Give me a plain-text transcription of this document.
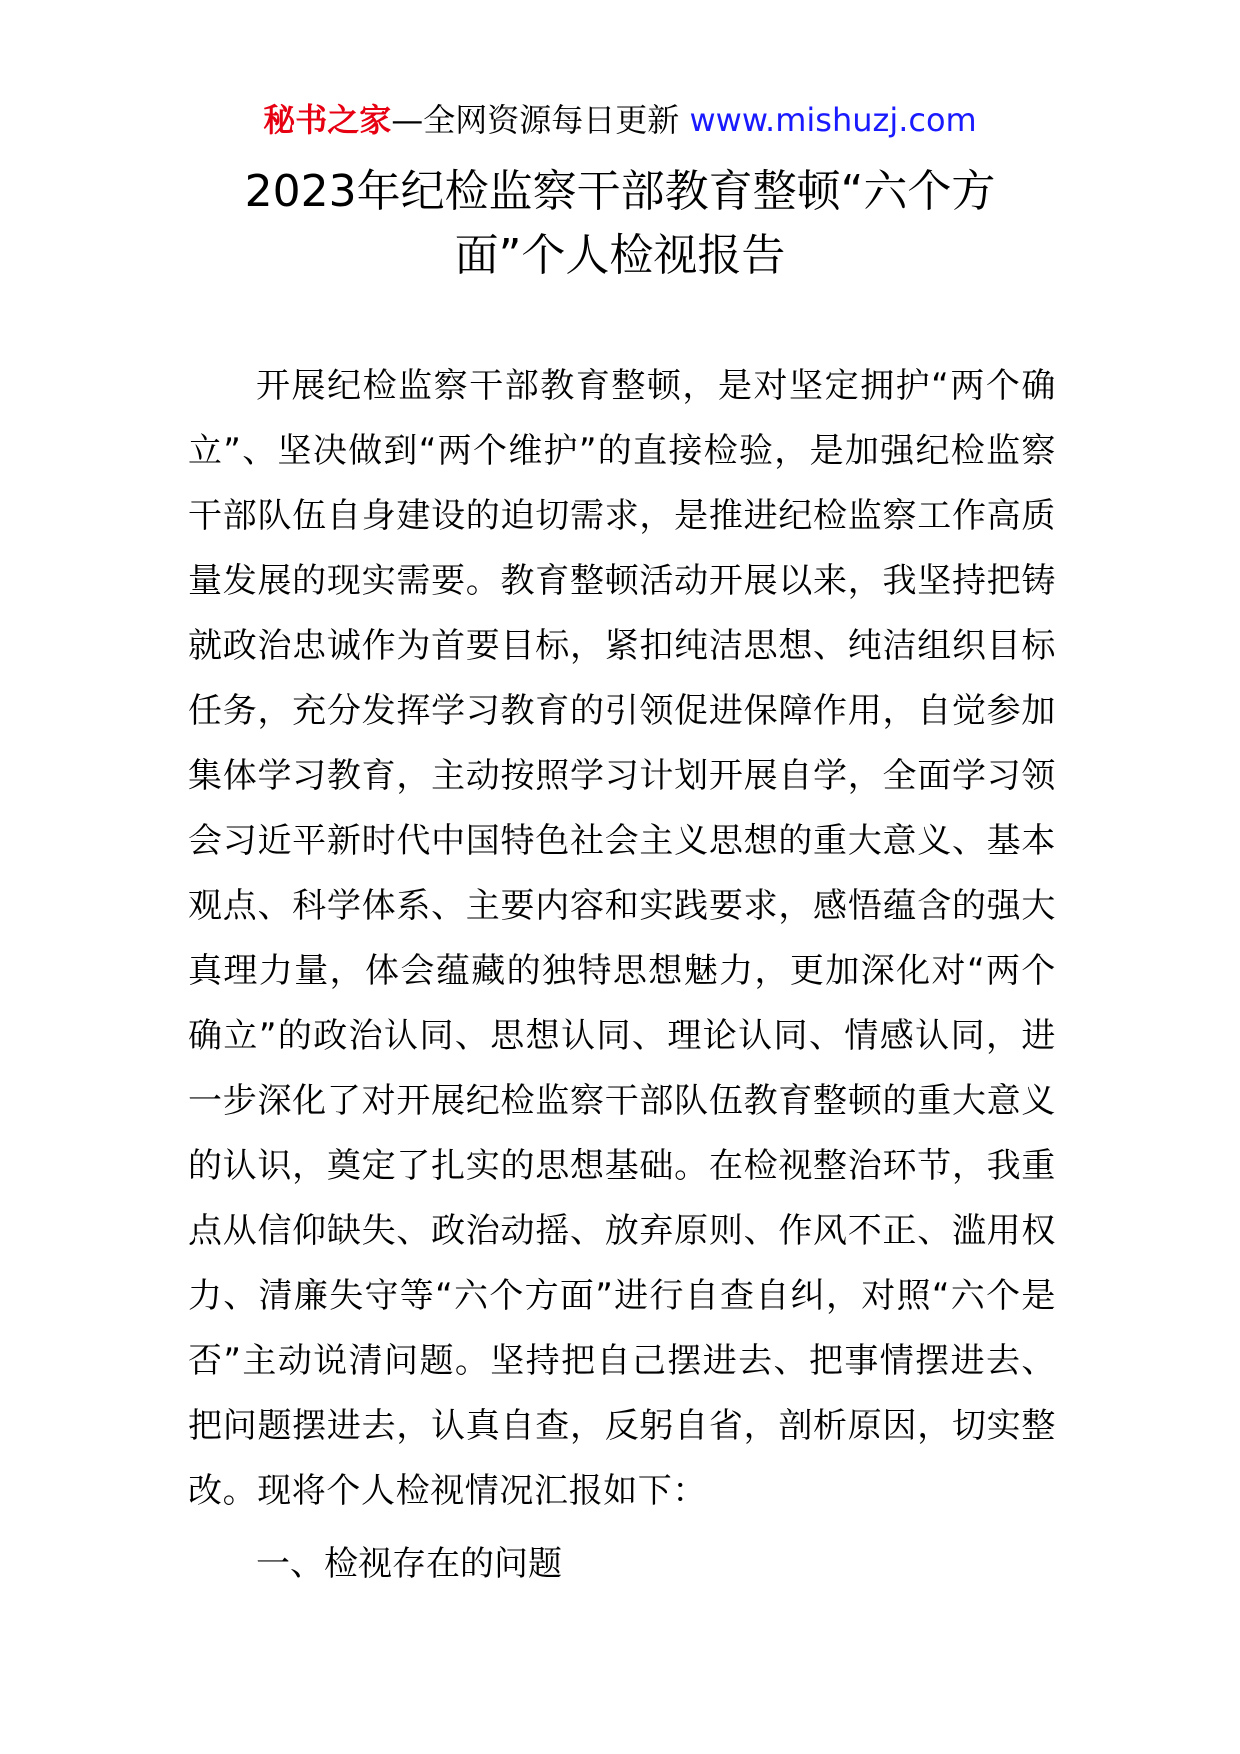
秘书之家—全网资源每日更新 www.mishuzj.com
2023年纪检监察干部教育整顿“六个方
面”个人检视报告

开展纪检监察干部教育整顿，是对坚定拥护“两个确立”、坚决做到“两个维护”的直接检验，是加强纪检监察干部队伍自身建设的迫切需求，是推进纪检监察工作高质量发展的现实需要。教育整顿活动开展以来，我坚持把铸就政治忠诚作为首要目标，紧扣纯洁思想、纯洁组织目标任务，充分发挥学习教育的引领促进保障作用，自觉参加集体学习教育，主动按照学习计划开展自学，全面学习领会习近平新时代中国特色社会主义思想的重大意义、基本观点、科学体系、主要内容和实践要求，感悟蕴含的强大真理力量，体会蕴藏的独特思想魅力，更加深化对“两个确立”的政治认同、思想认同、理论认同、情感认同，进一步深化了对开展纪检监察干部队伍教育整顿的重大意义的认识，奠定了扎实的思想基础。在检视整治环节，我重点从信仰缺失、政治动摇、放弃原则、作风不正、滥用权力、清廉失守等“六个方面”进行自查自纠，对照“六个是否”主动说清问题。坚持把自己摆进去、把事情摆进去、把问题摆进去，认真自查，反躬自省，剖析原因，切实整改。现将个人检视情况汇报如下：

一、检视存在的问题
